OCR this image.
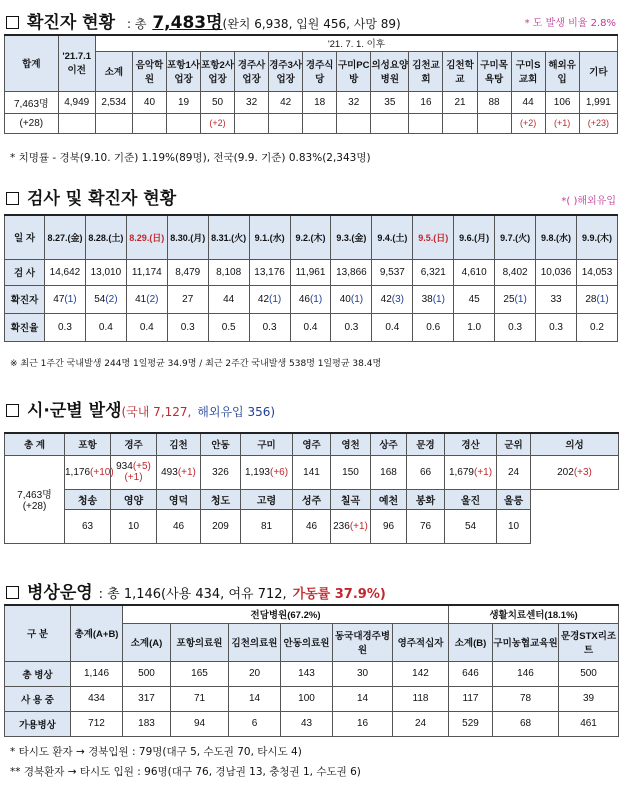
확진자 현황 : 총 7,483명(완치 6,938, 입원 456, 사망 89)	* 도 발생 비율 2.8%
합계	'21.7.1이전	'21. 7. 1. 이후														
		소계	음악학원	포항1사업장	포항2사업장	경주사업장	경주3사업장	경주식당	구미PC방	의성요양병원	김천교회	김천학교	구미목욕탕	구미S교회	해외유입	기타
7,463명	4,949	2,534	40	19	50	32	42	18	32	35	16	21	88	44	106	1,991
(+28)					(+2)									(+2)	(+1)	(+23)
* 치명률 - 경북(9.10. 기준) 1.19%(89명), 전국(9.9. 기준) 0.83%(2,343명)
검사 및 확진자 현황	*( )해외유입
일 자	8.27.(金)	8.28.(土)	8.29.(日)	8.30.(月)	8.31.(火)	9.1.(水)	9.2.(木)	9.3.(金)	9.4.(土)	9.5.(日)	9.6.(月)	9.7.(火)	9.8.(水)	9.9.(木)
검 사	14,642	13,010	11,174	8,479	8,108	13,176	11,961	13,866	9,537	6,321	4,610	8,402	10,036	14,053
확진자	47(1)	54(2)	41(2)	27	44	42(1)	46(1)	40(1)	42(3)	38(1)	45	25(1)	33	28(1)
확진율	0.3	0.4	0.4	0.3	0.5	0.3	0.4	0.3	0.4	0.6	1.0	0.3	0.3	0.2
※ 최근 1주간 국내발생 244명 1일평균 34.9명 / 최근 2주간 국내발생 538명 1일평균 38.4명
시·군별 발생(국내 7,127, 해외유입 356)
총 계	포항	경주	김천	안동	구미	영주	영천	상주	문경	경산	군위	의성

7,463명
(+28)	1,176(+10)	934(+5)(+1)	493(+1)	326	1,193(+6)	141	150	168	66	1,679(+1)	24	202(+3)
	청송	영양	영덕	청도	고령	성주	칠곡	예천	봉화	울진	울릉	
	63	10	46	209	81	46	236(+1)	96	76	54	10	
병상운영 : 총 1,146(사용 434, 여유 712, 가동률 37.9%)
구 분	총계(A+B)	전담병원(67.2%)						생활치료센터(18.1%)		
		소계(A)	포항의료원	김천의료원	안동의료원	동국대경주병원	영주적십자	소계(B)	구미농협교육원	문경STX리조트
총 병상	1,146	500	165	20	143	30	142	646	146	500
사 용 중	434	317	71	14	100	14	118	117	78	39
가용병상	712	183	94	6	43	16	24	529	68	461
* 타시도 환자 → 경북입원 : 79명(대구 5, 수도권 70, 타시도 4)
** 경북환자 → 타시도 입원 : 96명(대구 76, 경남권 13, 충청권 1, 수도권 6)
